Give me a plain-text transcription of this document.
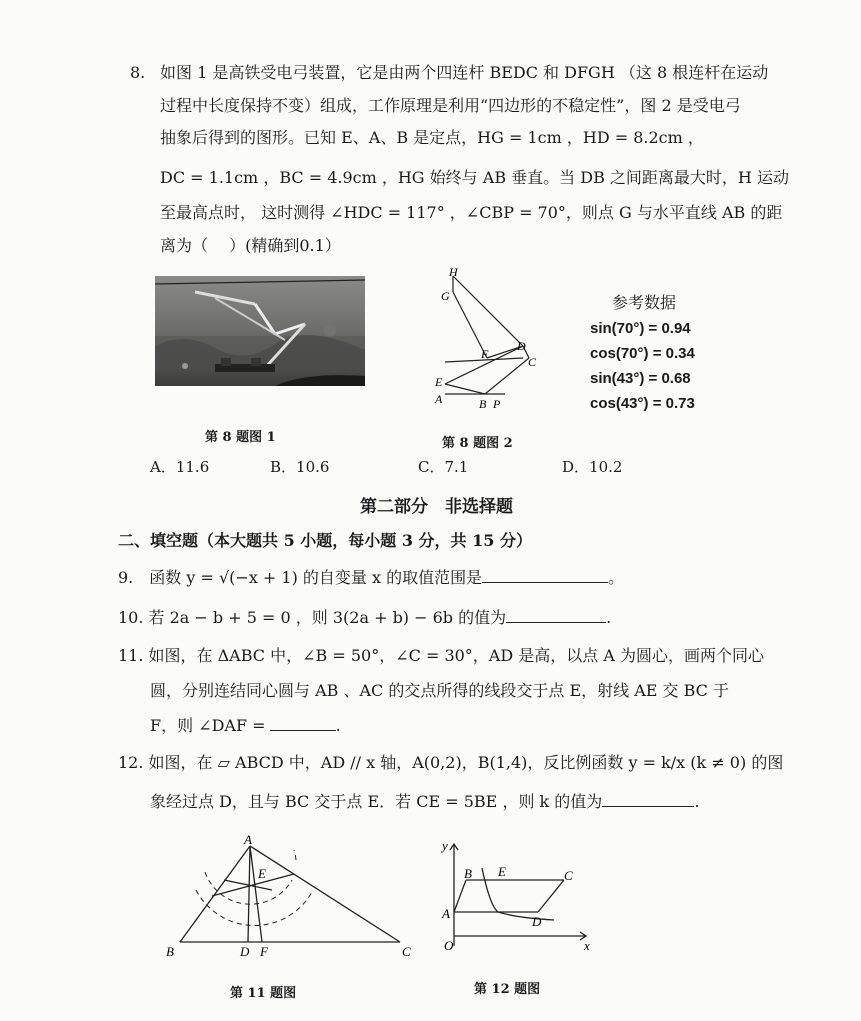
8. 如图 1 是高铁受电弓装置，它是由两个四连杆 BEDC 和 DFGH （这 8 根连杆在运动
过程中长度保持不变）组成，工作原理是利用“四边形的不稳定性”，图 2 是受电弓
抽象后得到的图形。已知 E、A、B 是定点，HG = 1cm ，HD = 8.2cm ，
DC = 1.1cm ，BC = 4.9cm ，HG 始终与 AB 垂直。当 DB 之间距离最大时，H 运动
至最高点时， 这时测得 ∠HDC = 117° ，∠CBP = 70°，则点 G 与水平直线 AB 的距
离为（　 ）(精确到0.1）
第 8 题图 1
H
G
F
D
C
E
A	B P
第 8 题图 2
参考数据
sin(70°) = 0.94
cos(70°) = 0.34
sin(43°) = 0.68
cos(43°) = 0.73
A．11.6	B．10.6	C．7.1	D．10.2
第二部分　非选择题
二、填空题（本大题共 5 小题，每小题 3 分，共 15 分）
9.　函数 y = √(−x + 1) 的自变量 x 的取值范围是	。
10. 若 2a − b + 5 = 0 ，则 3(2a + b) − 6b 的值为	.
11. 如图，在 ΔABC 中，∠B = 50°，∠C = 30°，AD 是高，以点 A 为圆心，画两个同心
圆，分别连结同心圆与 AB 、AC 的交点所得的线段交于点 E，射线 AE 交 BC 于
F，则 ∠DAF =	.
12. 如图，在 ▱ ABCD 中，AD // x 轴，A(0,2)，B(1,4)，反比例函数 y = k/x (k ≠ 0) 的图
象经过点 D，且与 BC 交于点 E．若 CE = 5BE ，则 k 的值为	.
A
E
B	D F	C
第 11 题图
y
x
O
A
B E	C
D
第 12 题图
